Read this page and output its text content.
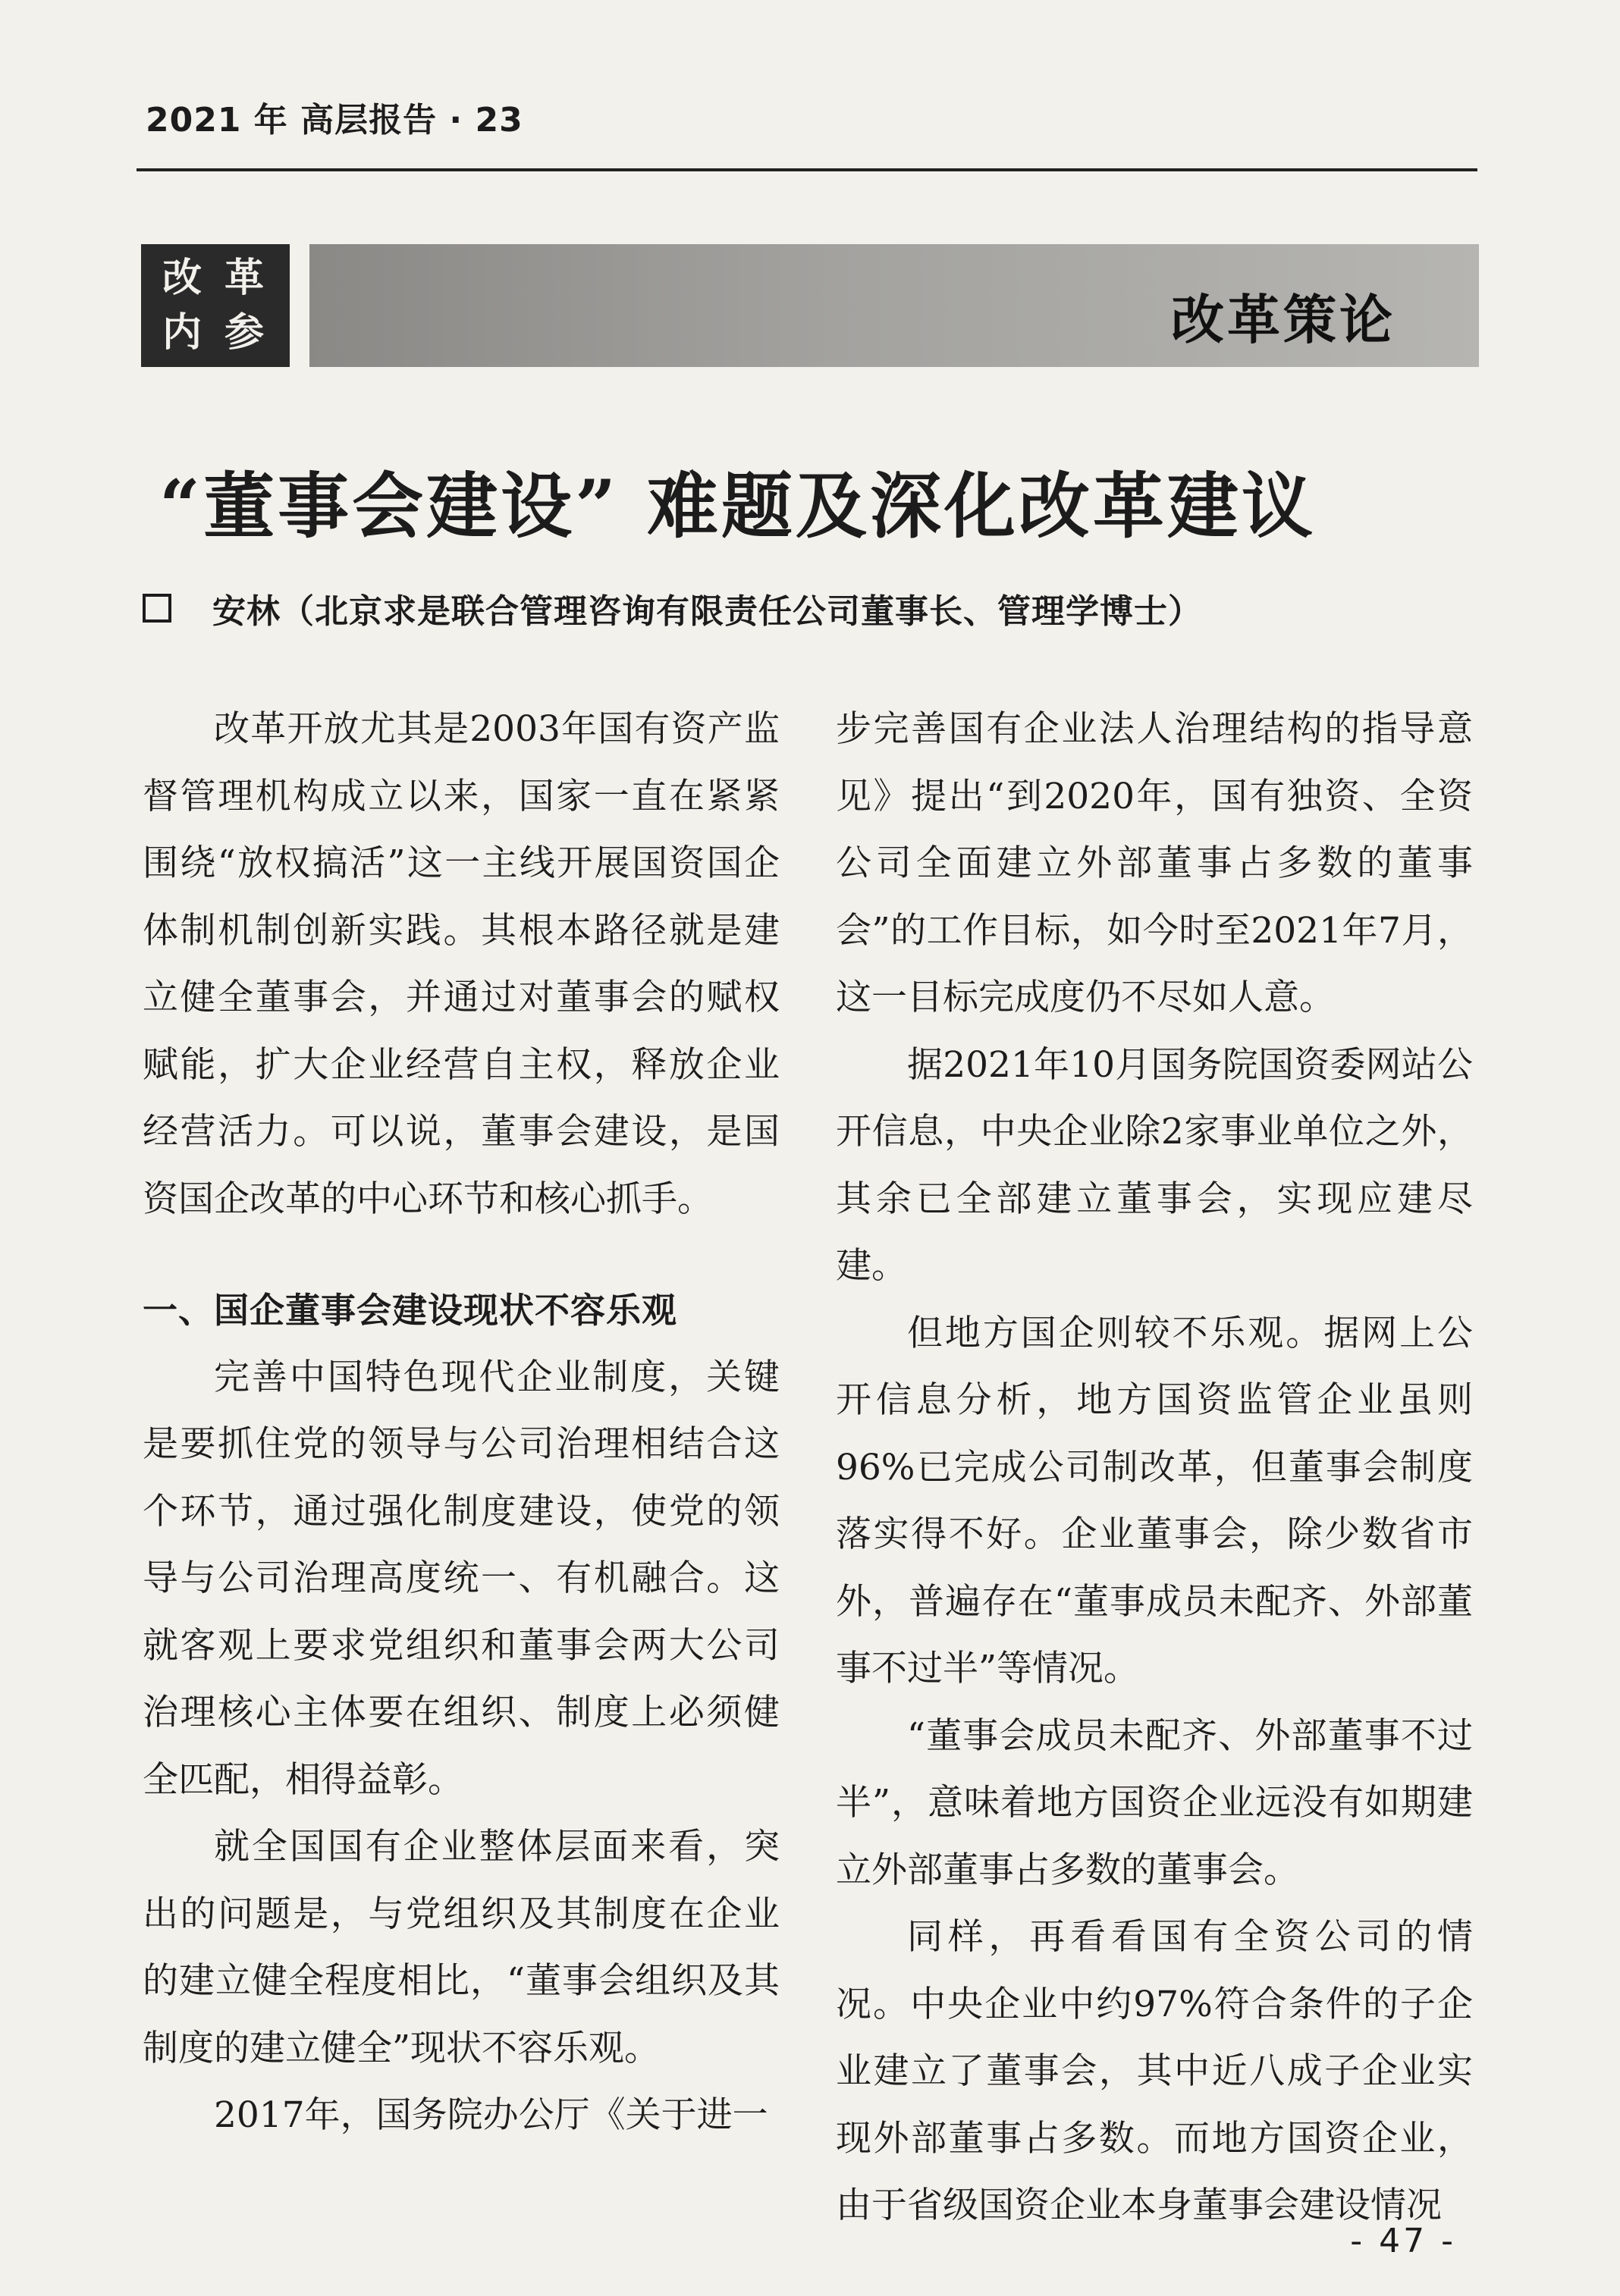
2021 年 高层报告 · 23
改 革
内 参	改革策论
“董事会建设” 难题及深化改革建议
安林（北京求是联合管理咨询有限责任公司董事长、管理学博士）

改革开放尤其是2003年国有资产监督管理机构成立以来，国家一直在紧紧围绕“放权搞活”这一主线开展国资国企体制机制创新实践。其根本路径就是建立健全董事会，并通过对董事会的赋权赋能，扩大企业经营自主权，释放企业经营活力。可以说，董事会建设，是国资国企改革的中心环节和核心抓手。

一、国企董事会建设现状不容乐观

完善中国特色现代企业制度，关键是要抓住党的领导与公司治理相结合这个环节，通过强化制度建设，使党的领导与公司治理高度统一、有机融合。这就客观上要求党组织和董事会两大公司治理核心主体要在组织、制度上必须健全匹配，相得益彰。

就全国国有企业整体层面来看，突出的问题是，与党组织及其制度在企业的建立健全程度相比，“董事会组织及其制度的建立健全”现状不容乐观。

2017年，国务院办公厅《关于进一

步完善国有企业法人治理结构的指导意见》提出“到2020年，国有独资、全资公司全面建立外部董事占多数的董事会”的工作目标，如今时至2021年7月，这一目标完成度仍不尽如人意。

据2021年10月国务院国资委网站公开信息，中央企业除2家事业单位之外，其余已全部建立董事会，实现应建尽建。

但地方国企则较不乐观。据网上公开信息分析，地方国资监管企业虽则96%已完成公司制改革，但董事会制度落实得不好。企业董事会，除少数省市外，普遍存在“董事成员未配齐、外部董事不过半”等情况。

“董事会成员未配齐、外部董事不过半”，意味着地方国资企业远没有如期建立外部董事占多数的董事会。

同样，再看看国有全资公司的情况。中央企业中约97%符合条件的子企业建立了董事会，其中近八成子企业实现外部董事占多数。而地方国资企业，由于省级国资企业本身董事会建设情况

- 47 -
